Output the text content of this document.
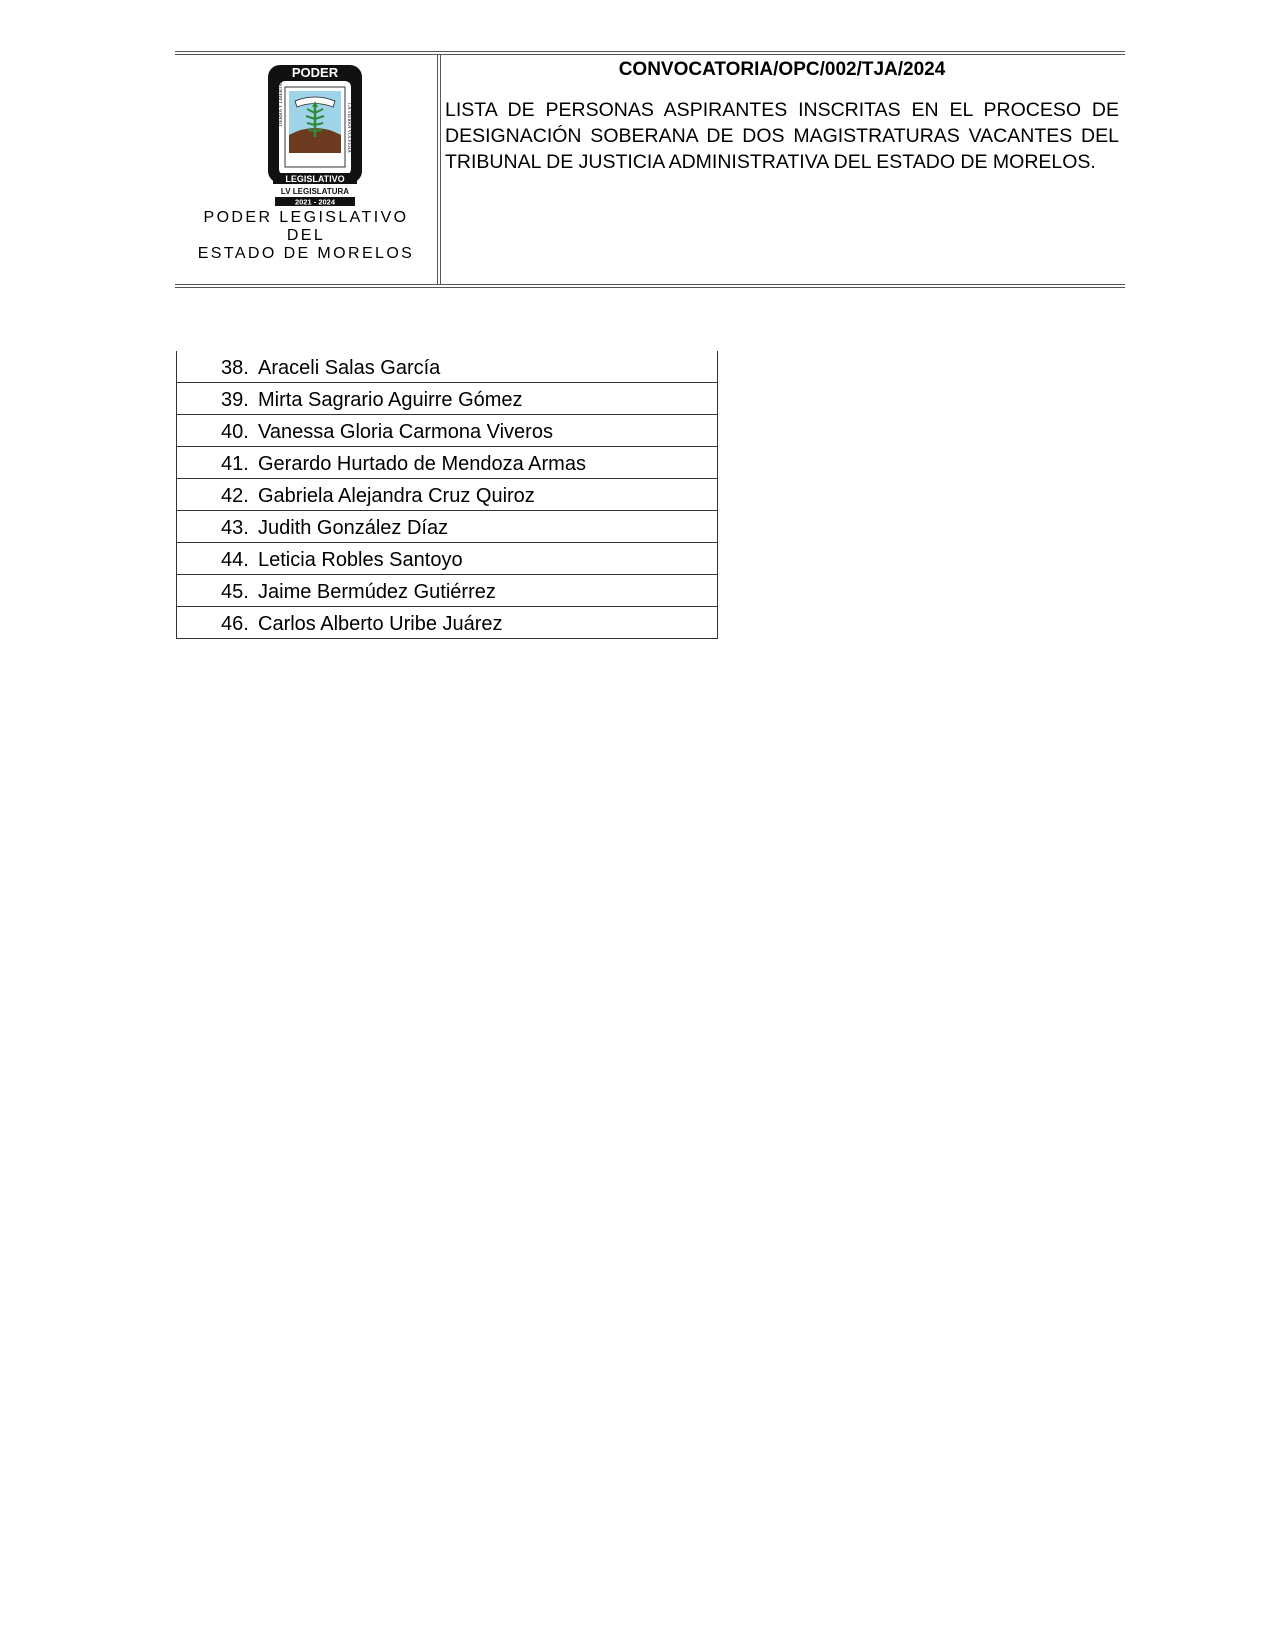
PODER
TIERRA Y LIBERTAD	LA TIERRA VOLVERÁ
LEGISLATIVO
LV LEGISLATURA
2021 - 2024
PODER LEGISLATIVO
DEL
ESTADO DE MORELOS
CONVOCATORIA/OPC/002/TJA/2024
LISTA DE PERSONAS ASPIRANTES INSCRITAS EN EL PROCESO DE DESIGNACIÓN SOBERANA DE DOS MAGISTRATURAS VACANTES DEL TRIBUNAL DE JUSTICIA ADMINISTRATIVA DEL ESTADO DE MORELOS.
38. Araceli Salas García
39. Mirta Sagrario Aguirre Gómez
40. Vanessa Gloria Carmona Viveros
41. Gerardo Hurtado de Mendoza Armas
42. Gabriela Alejandra Cruz Quiroz
43. Judith González Díaz
44. Leticia Robles Santoyo
45. Jaime Bermúdez Gutiérrez
46. Carlos Alberto Uribe Juárez
